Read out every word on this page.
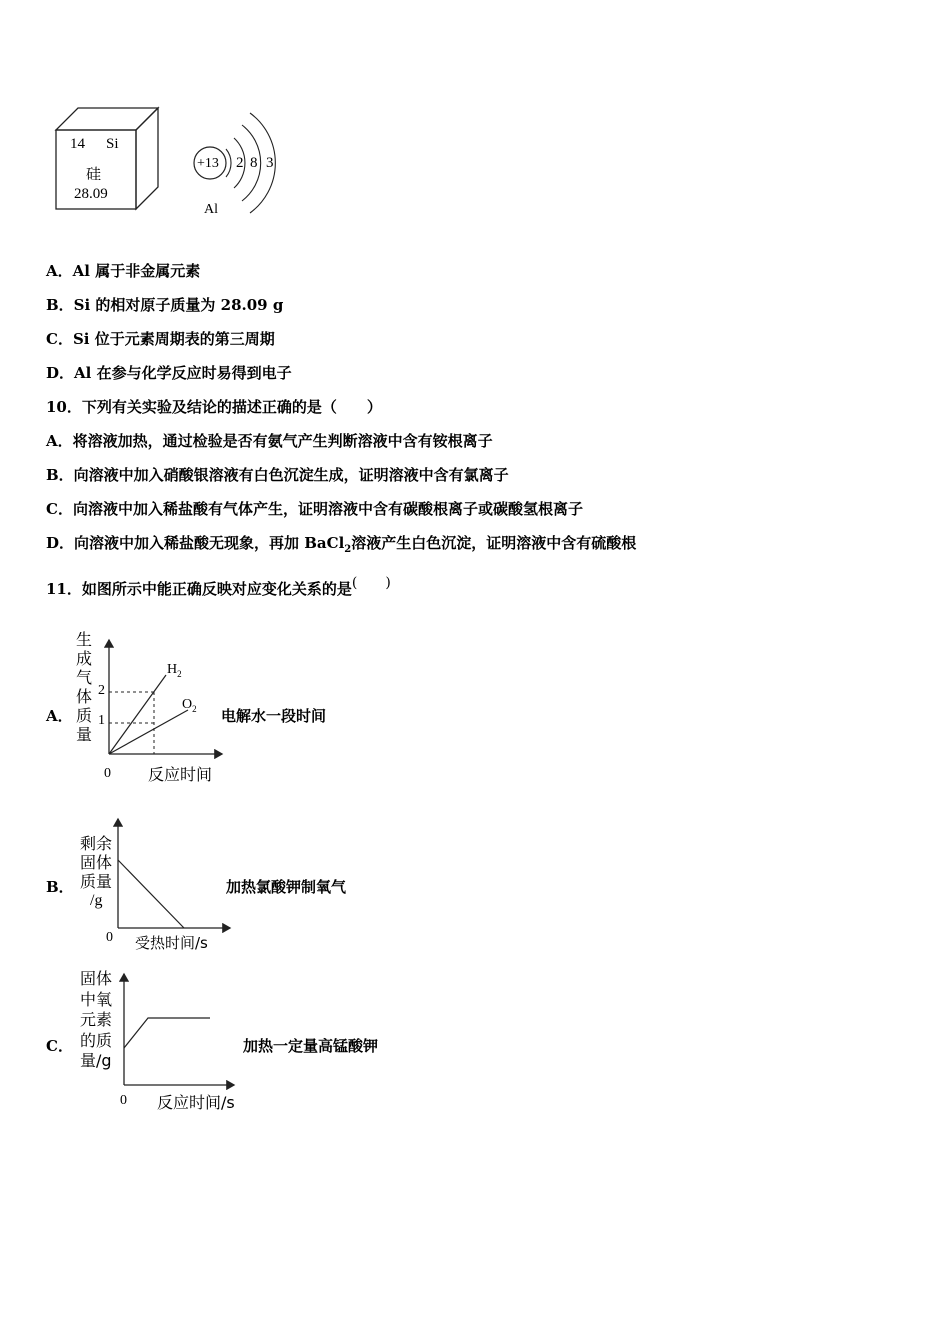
14 Si
硅
28.09
+13 2 8 3
Al
A．Al 属于非金属元素
B．Si 的相对原子质量为 28.09 g
C．Si 位于元素周期表的第三周期
D．Al 在参与化学反应时易得到电子
10．下列有关实验及结论的描述正确的是（　　）
A．将溶液加热，通过检验是否有氨气产生判断溶液中含有铵根离子
B．向溶液中加入硝酸银溶液有白色沉淀生成，证明溶液中含有氯离子
C．向溶液中加入稀盐酸有气体产生，证明溶液中含有碳酸根离子或碳酸氢根离子
D．向溶液中加入稀盐酸无现象，再加 BaCl$_2$溶液产生白色沉淀，证明溶液中含有硫酸根
11．如图所示中能正确反映对应变化关系的是(　　)
A．
生
成
气
体
质
量
2
1
$H_2$
$O_2$
0 反应时间
电解水一段时间
B．
剩余
固体
质量
/g
0 受热时间/s
加热氯酸钾制氧气
C．
固体
中氧
元素
的质
量/g
0 反应时间/s
加热一定量高锰酸钾
